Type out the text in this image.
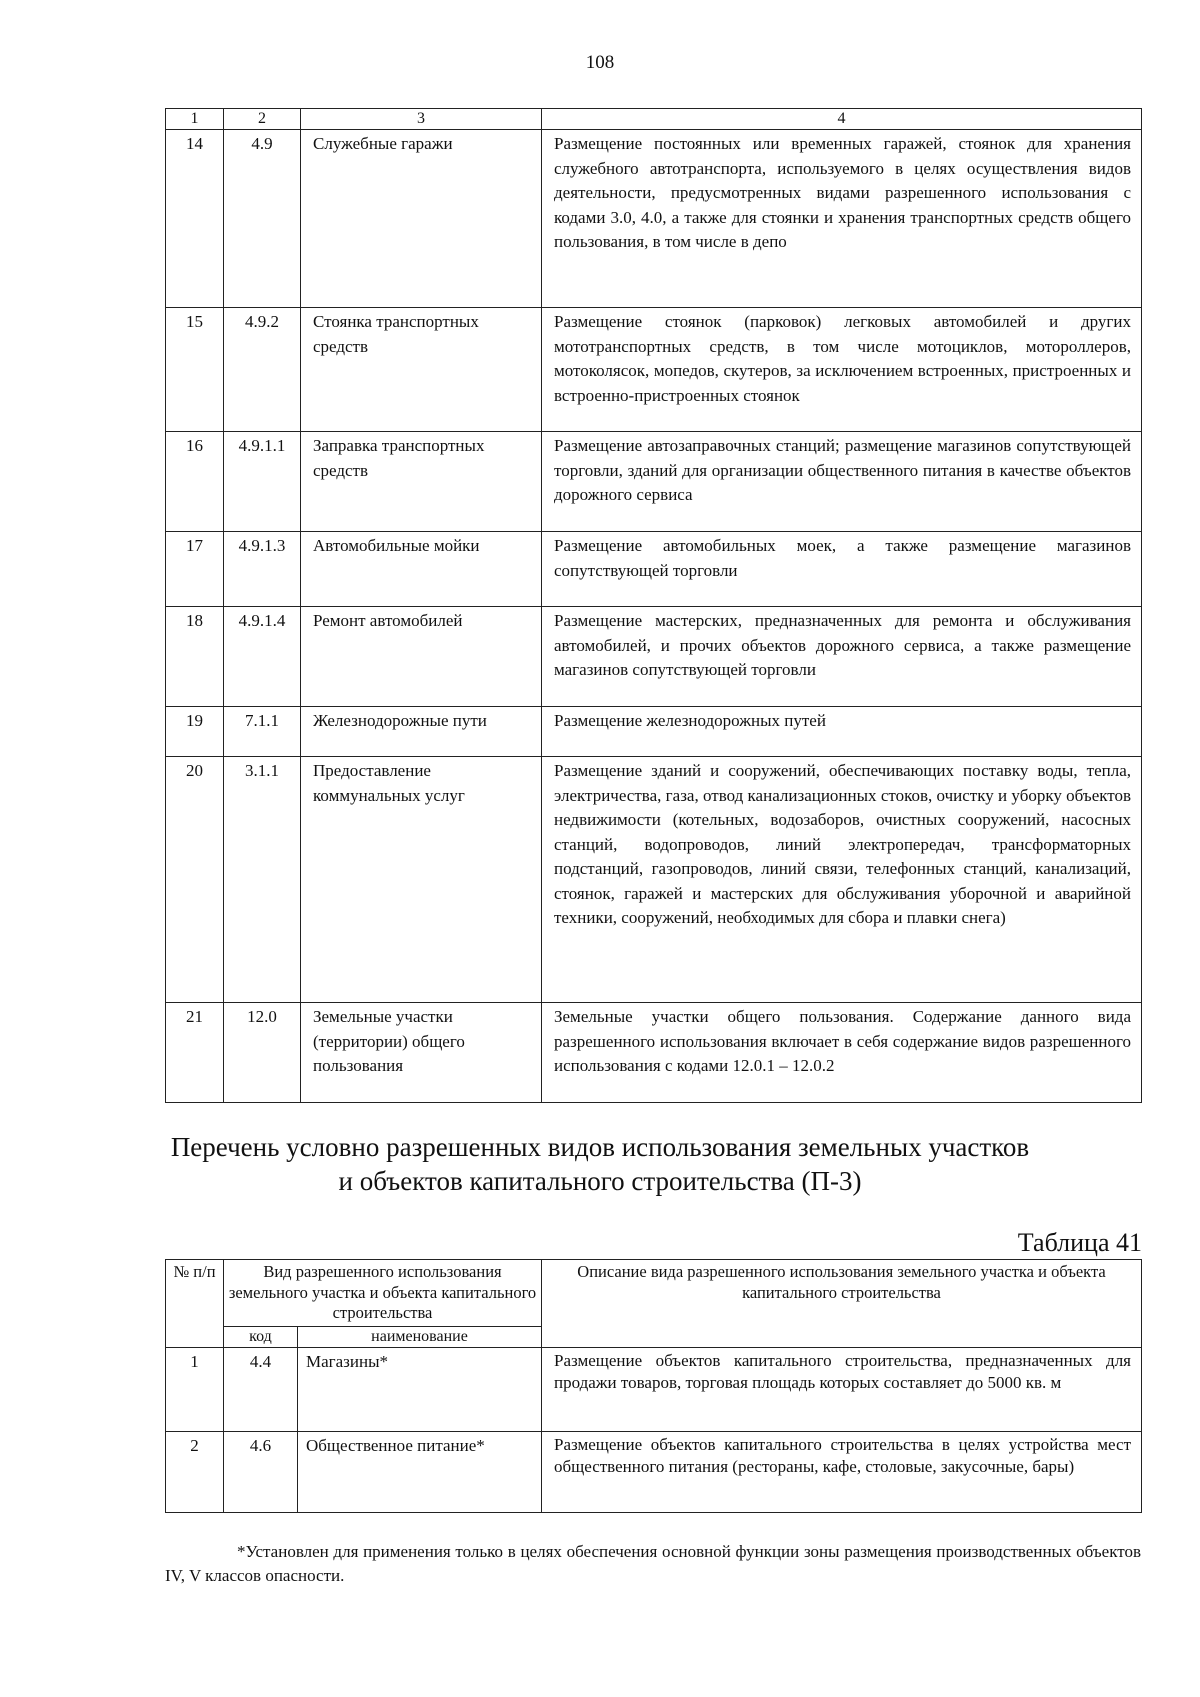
108
1	2	3	4
14	4.9	Служебные гаражи	Размещение постоянных или временных гаражей, стоянок для хранения служебного автотранспорта, используемого в целях осуществления видов деятельности, предусмотренных видами разрешенного использования с кодами 3.0, 4.0, а также для стоянки и хранения транспортных средств общего пользования, в том числе в депо
15	4.9.2	Стоянка транспортных средств	Размещение стоянок (парковок) легковых автомобилей и других мототранспортных средств, в том числе мотоциклов, мотороллеров, мотоколясок, мопедов, скутеров, за исключением встроенных, пристроенных и встроенно-пристроенных стоянок
16	4.9.1.1	Заправка транспортных средств	Размещение автозаправочных станций; размещение магазинов сопутствующей торговли, зданий для организации общественного питания в качестве объектов дорожного сервиса
17	4.9.1.3	Автомобильные мойки	Размещение автомобильных моек, а также размещение магазинов сопутствующей торговли
18	4.9.1.4	Ремонт автомобилей	Размещение мастерских, предназначенных для ремонта и обслуживания автомобилей, и прочих объектов дорожного сервиса, а также размещение магазинов сопутствующей торговли
19	7.1.1	Железнодорожные пути	Размещение железнодорожных путей
20	3.1.1	Предоставление коммунальных услуг	Размещение зданий и сооружений, обеспечивающих поставку воды, тепла, электричества, газа, отвод канализационных стоков, очистку и уборку объектов недвижимости (котельных, водозаборов, очистных сооружений, насосных станций, водопроводов, линий электропередач, трансформаторных подстанций, газопроводов, линий связи, телефонных станций, канализаций, стоянок, гаражей и мастерских для обслуживания уборочной и аварийной техники, сооружений, необходимых для сбора и плавки снега)
21	12.0	Земельные участки (территории) общего пользования	Земельные участки общего пользования. Содержание данного вида разрешенного использования включает в себя содержание видов разрешенного использования с кодами 12.0.1 – 12.0.2
Перечень условно разрешенных видов использования земельных участков
и объектов капитального строительства (П-3)
Таблица 41
№ п/п	Вид разрешенного использования земельного участка и объекта капитального строительства		Описание вида разрешенного использования земельного участка и объекта капитального строительства
	код	наименование	
1	4.4	Магазины*	Размещение объектов капитального строительства, предназначенных для продажи товаров, торговая площадь которых составляет до 5000 кв. м
2	4.6	Общественное питание*	Размещение объектов капитального строительства в целях устройства мест общественного питания (рестораны, кафе, столовые, закусочные, бары)
*Установлен для применения только в целях обеспечения основной функции зоны размещения производственных объектов IV, V классов опасности.
